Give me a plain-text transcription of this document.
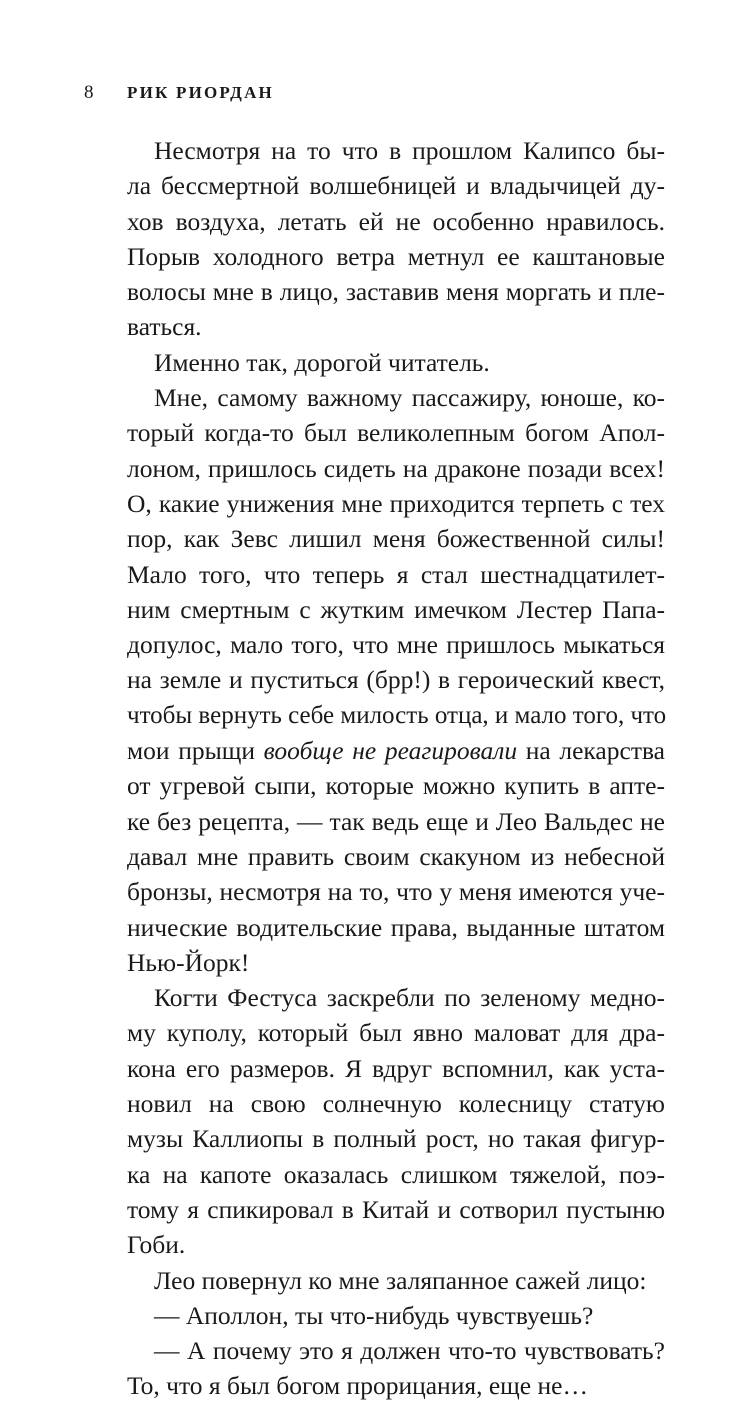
8 РИК РИОРДАН
Несмотря на то что в прошлом Калипсо бы-
ла бессмертной волшебницей и владычицей ду-
хов воздуха, летать ей не особенно нравилось.
Порыв холодного ветра метнул ее каштановые
волосы мне в лицо, заставив меня моргать и пле-
ваться.
Именно так, дорогой читатель.
Мне, самому важному пассажиру, юноше, ко-
торый когда-то был великолепным богом Апол-
лоном, пришлось сидеть на драконе позади всех!
О, какие унижения мне приходится терпеть с тех
пор, как Зевс лишил меня божественной силы!
Мало того, что теперь я стал шестнадцатилет-
ним смертным с жутким имечком Лестер Папа-
допулос, мало того, что мне пришлось мыкаться
на земле и пуститься (брр!) в героический квест,
чтобы вернуть себе милость отца, и мало того, что
мои прыщи вообще не реагировали на лекарства
от угревой сыпи, которые можно купить в апте-
ке без рецепта, — так ведь еще и Лео Вальдес не
давал мне править своим скакуном из небесной
бронзы, несмотря на то, что у меня имеются уче-
нические водительские права, выданные штатом
Нью-Йорк!
Когти Фестуса заскребли по зеленому медно-
му куполу, который был явно маловат для дра-
кона его размеров. Я вдруг вспомнил, как уста-
новил на свою солнечную колесницу статую
музы Каллиопы в полный рост, но такая фигур-
ка на капоте оказалась слишком тяжелой, поэ-
тому я спикировал в Китай и сотворил пустыню
Гоби.
Лео повернул ко мне заляпанное сажей лицо:
— Аполлон, ты что-нибудь чувствуешь?
— А почему это я должен что-то чувствовать?
То, что я был богом прорицания, еще не…
